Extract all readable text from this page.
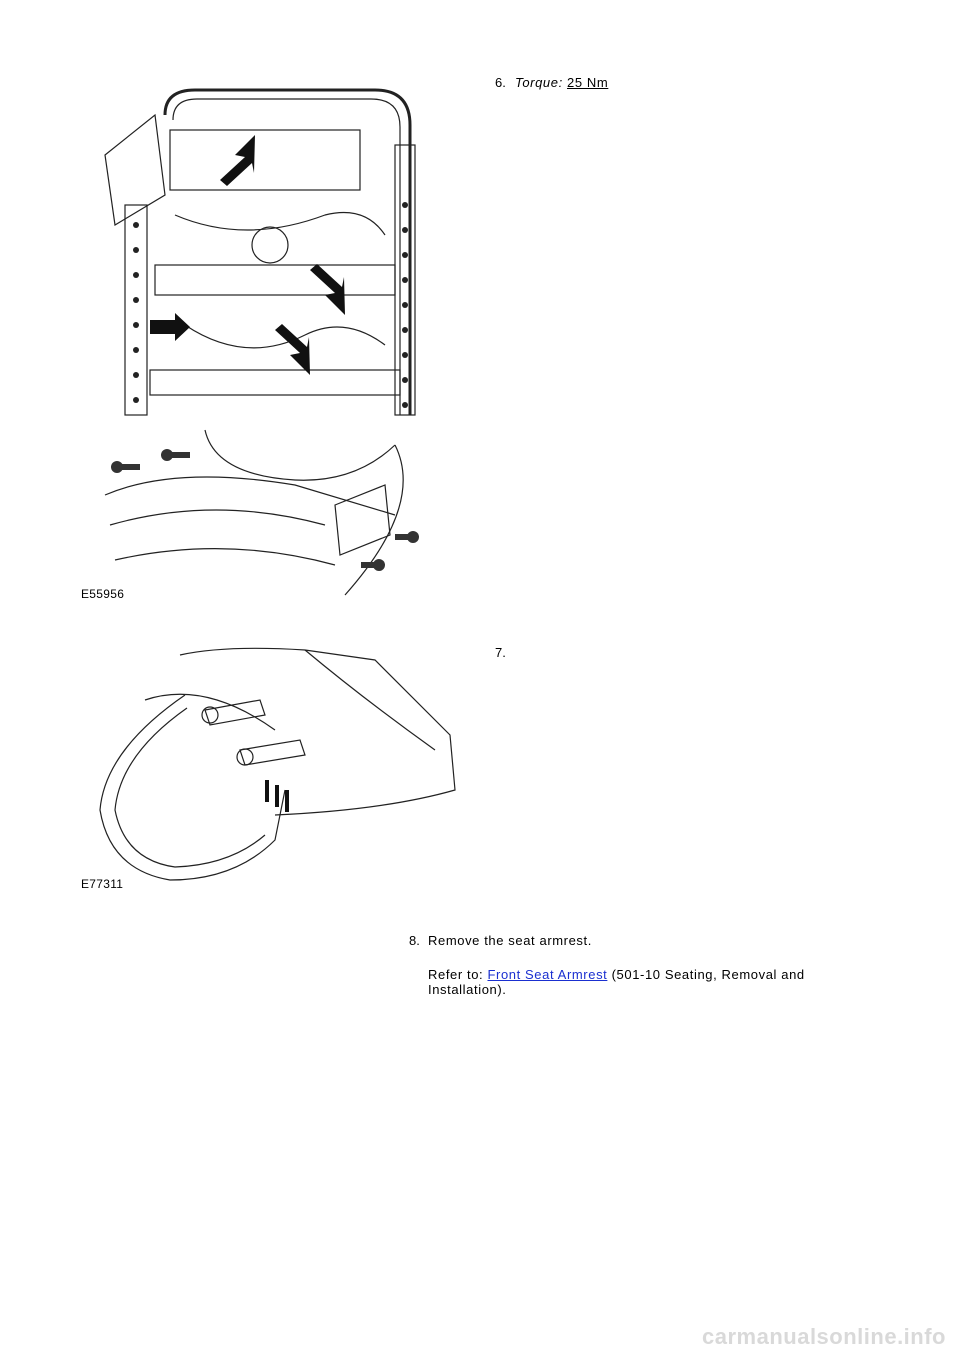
6. Torque: 25 Nm
E55956
7.
E77311
8. Remove the seat armrest.
Refer to: Front Seat Armrest (501-10 Seating, Removal and
Installation).
carmanualsonline.info
